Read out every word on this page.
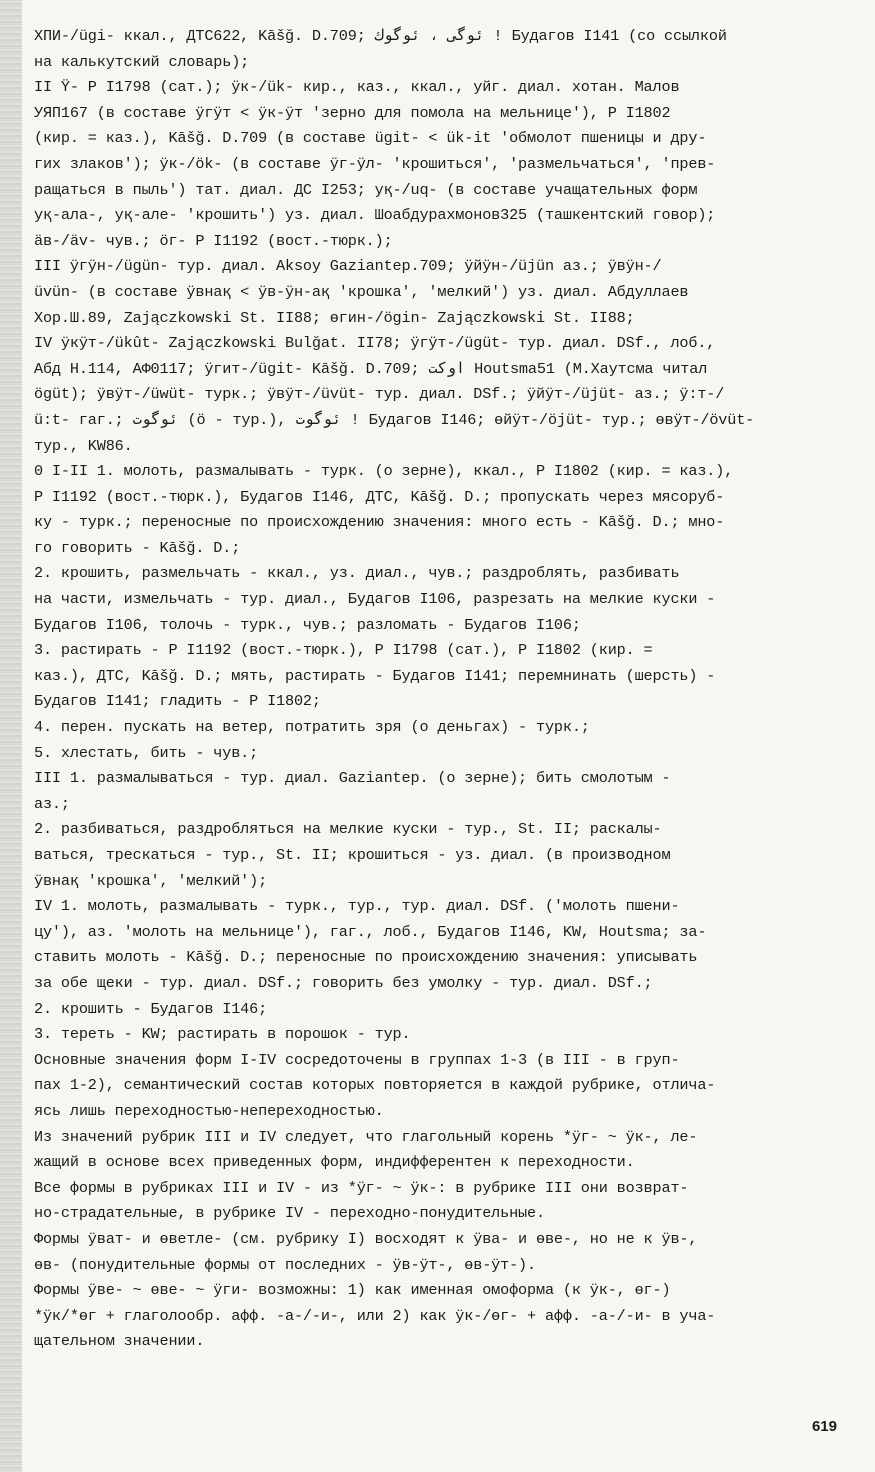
ХПИ-/ügi- ккал., ДТС622, Kāšğ. D.709; ئوگى ، ئوگوك ! Будагов I141 (со ссылкой
на калькутский словарь);
II Ÿ- Р I1798 (сат.); ÿк-/ük- кир., каз., ккал., уйг. диал. хотан. Малов
УЯП167 (в составе ÿгÿт < ÿк-ÿт 'зерно для помола на мельнице'), Р I1802
(кир. = каз.), Kāšğ. D.709 (в составе ügit- < ük-it 'обмолот пшеницы и дру-
гих злаков'); ÿк-/ök- (в составе ÿг-ÿл- 'крошиться', 'размельчаться', 'прев-
ращаться в пыль') тат. диал. ДС I253; уқ-/uq- (в составе учащательных форм
уқ-ала-, уқ-але- 'крошить') уз. диал. Шоабдурахмонов325 (ташкентский говор);
äв-/äv- чув.; öг- Р I1192 (вост.-тюрк.);
III ÿгÿн-/ügün- тур. диал. Aksoy Gaziantep.709; ÿйÿн-/üjün аз.; ÿвÿн-/
üvün- (в составе ÿвнақ < ÿв-ÿн-ақ 'крошка', 'мелкий') уз. диал. Абдуллаев
Хор.Ш.89, Zajączkowski St. II88; өгин-/ögin- Zajączkowski St. II88;
IV ÿкÿт-/ükût- Zajączkowski Bulğat. II78; ÿгÿт-/ügüt- тур. диал. DSf., лоб.,
Абд Н.114, АФ0117; ÿгит-/ügit- Kāšğ. D.709; اوكت Houtsma51 (М.Хаутсма читал
ögüt); ÿвÿт-/üwüt- турк.; ÿвÿт-/üvüt- тур. диал. DSf.; ÿйÿт-/üjüt- аз.; ÿ:т-/
ü:t- гаг.; ئوگوت (ö - тур.), ئوگوت ! Будагов I146; өйÿт-/öjüt- тур.; өвÿт-/övüt-
тур., KW86.
0 I-II 1. молоть, размалывать - турк. (о зерне), ккал., Р I1802 (кир. = каз.),
Р I1192 (вост.-тюрк.), Будагов I146, ДТС, Kāšğ. D.; пропускать через мясоруб-
ку - турк.; переносные по происхождению значения: много есть - Kāšğ. D.; мно-
го говорить - Kāšğ. D.;
2. крошить, размельчать - ккал., уз. диал., чув.; раздроблять, разбивать
на части, измельчать - тур. диал., Будагов I106, разрезать на мелкие куски -
Будагов I106, толочь - турк., чув.; разломать - Будагов I106;
3. растирать - Р I1192 (вост.-тюрк.), Р I1798 (сат.), Р I1802 (кир. =
каз.), ДТС, Kāšğ. D.; мять, растирать - Будагов I141; перемнинать (шерсть) -
Будагов I141; гладить - Р I1802;
4. перен. пускать на ветер, потратить зря (о деньгах) - турк.;
5. хлестать, бить - чув.;
III 1. размалываться - тур. диал. Gaziantep. (о зерне); бить смолотым -
аз.;
2. разбиваться, раздробляться на мелкие куски - тур., St. II; раскалы-
ваться, трескаться - тур., St. II; крошиться - уз. диал. (в производном
ÿвнақ 'крошка', 'мелкий');
IV 1. молоть, размалывать - турк., тур., тур. диал. DSf. ('молоть пшени-
цу'), аз. 'молоть на мельнице'), гаг., лоб., Будагов I146, KW, Houtsma; за-
ставить молоть - Kāšğ. D.; переносные по происхождению значения: уписывать
за обе щеки - тур. диал. DSf.; говорить без умолку - тур. диал. DSf.;
2. крошить - Будагов I146;
3. тереть - KW; растирать в порошок - тур.
Основные значения форм I-IV сосредоточены в группах 1-3 (в III - в груп-
пах 1-2), семантический состав которых повторяется в каждой рубрике, отлича-
ясь лишь переходностью-непереходностью.
Из значений рубрик III и IV следует, что глагольный корень *ÿг- ~ ÿк-, ле-
жащий в основе всех приведенных форм, индифферентен к переходности.
Все формы в рубриках III и IV - из *ÿг- ~ ÿк-: в рубрике III они возврат-
но-страдательные, в рубрике IV - переходно-понудительные.
Формы ÿват- и өветле- (см. рубрику I) восходят к ÿва- и өве-, но не к ÿв-,
өв- (понудительные формы от последних - ÿв-ÿт-, өв-ÿт-).
Формы ÿве- ~ өве- ~ ÿги- возможны: 1) как именная омоформа (к ÿк-, өг-)
*ÿк/*өг + глаголообр. афф. -а-/-и-, или 2) как ÿк-/өг- + афф. -а-/-и- в уча-
щательном значении.
619
